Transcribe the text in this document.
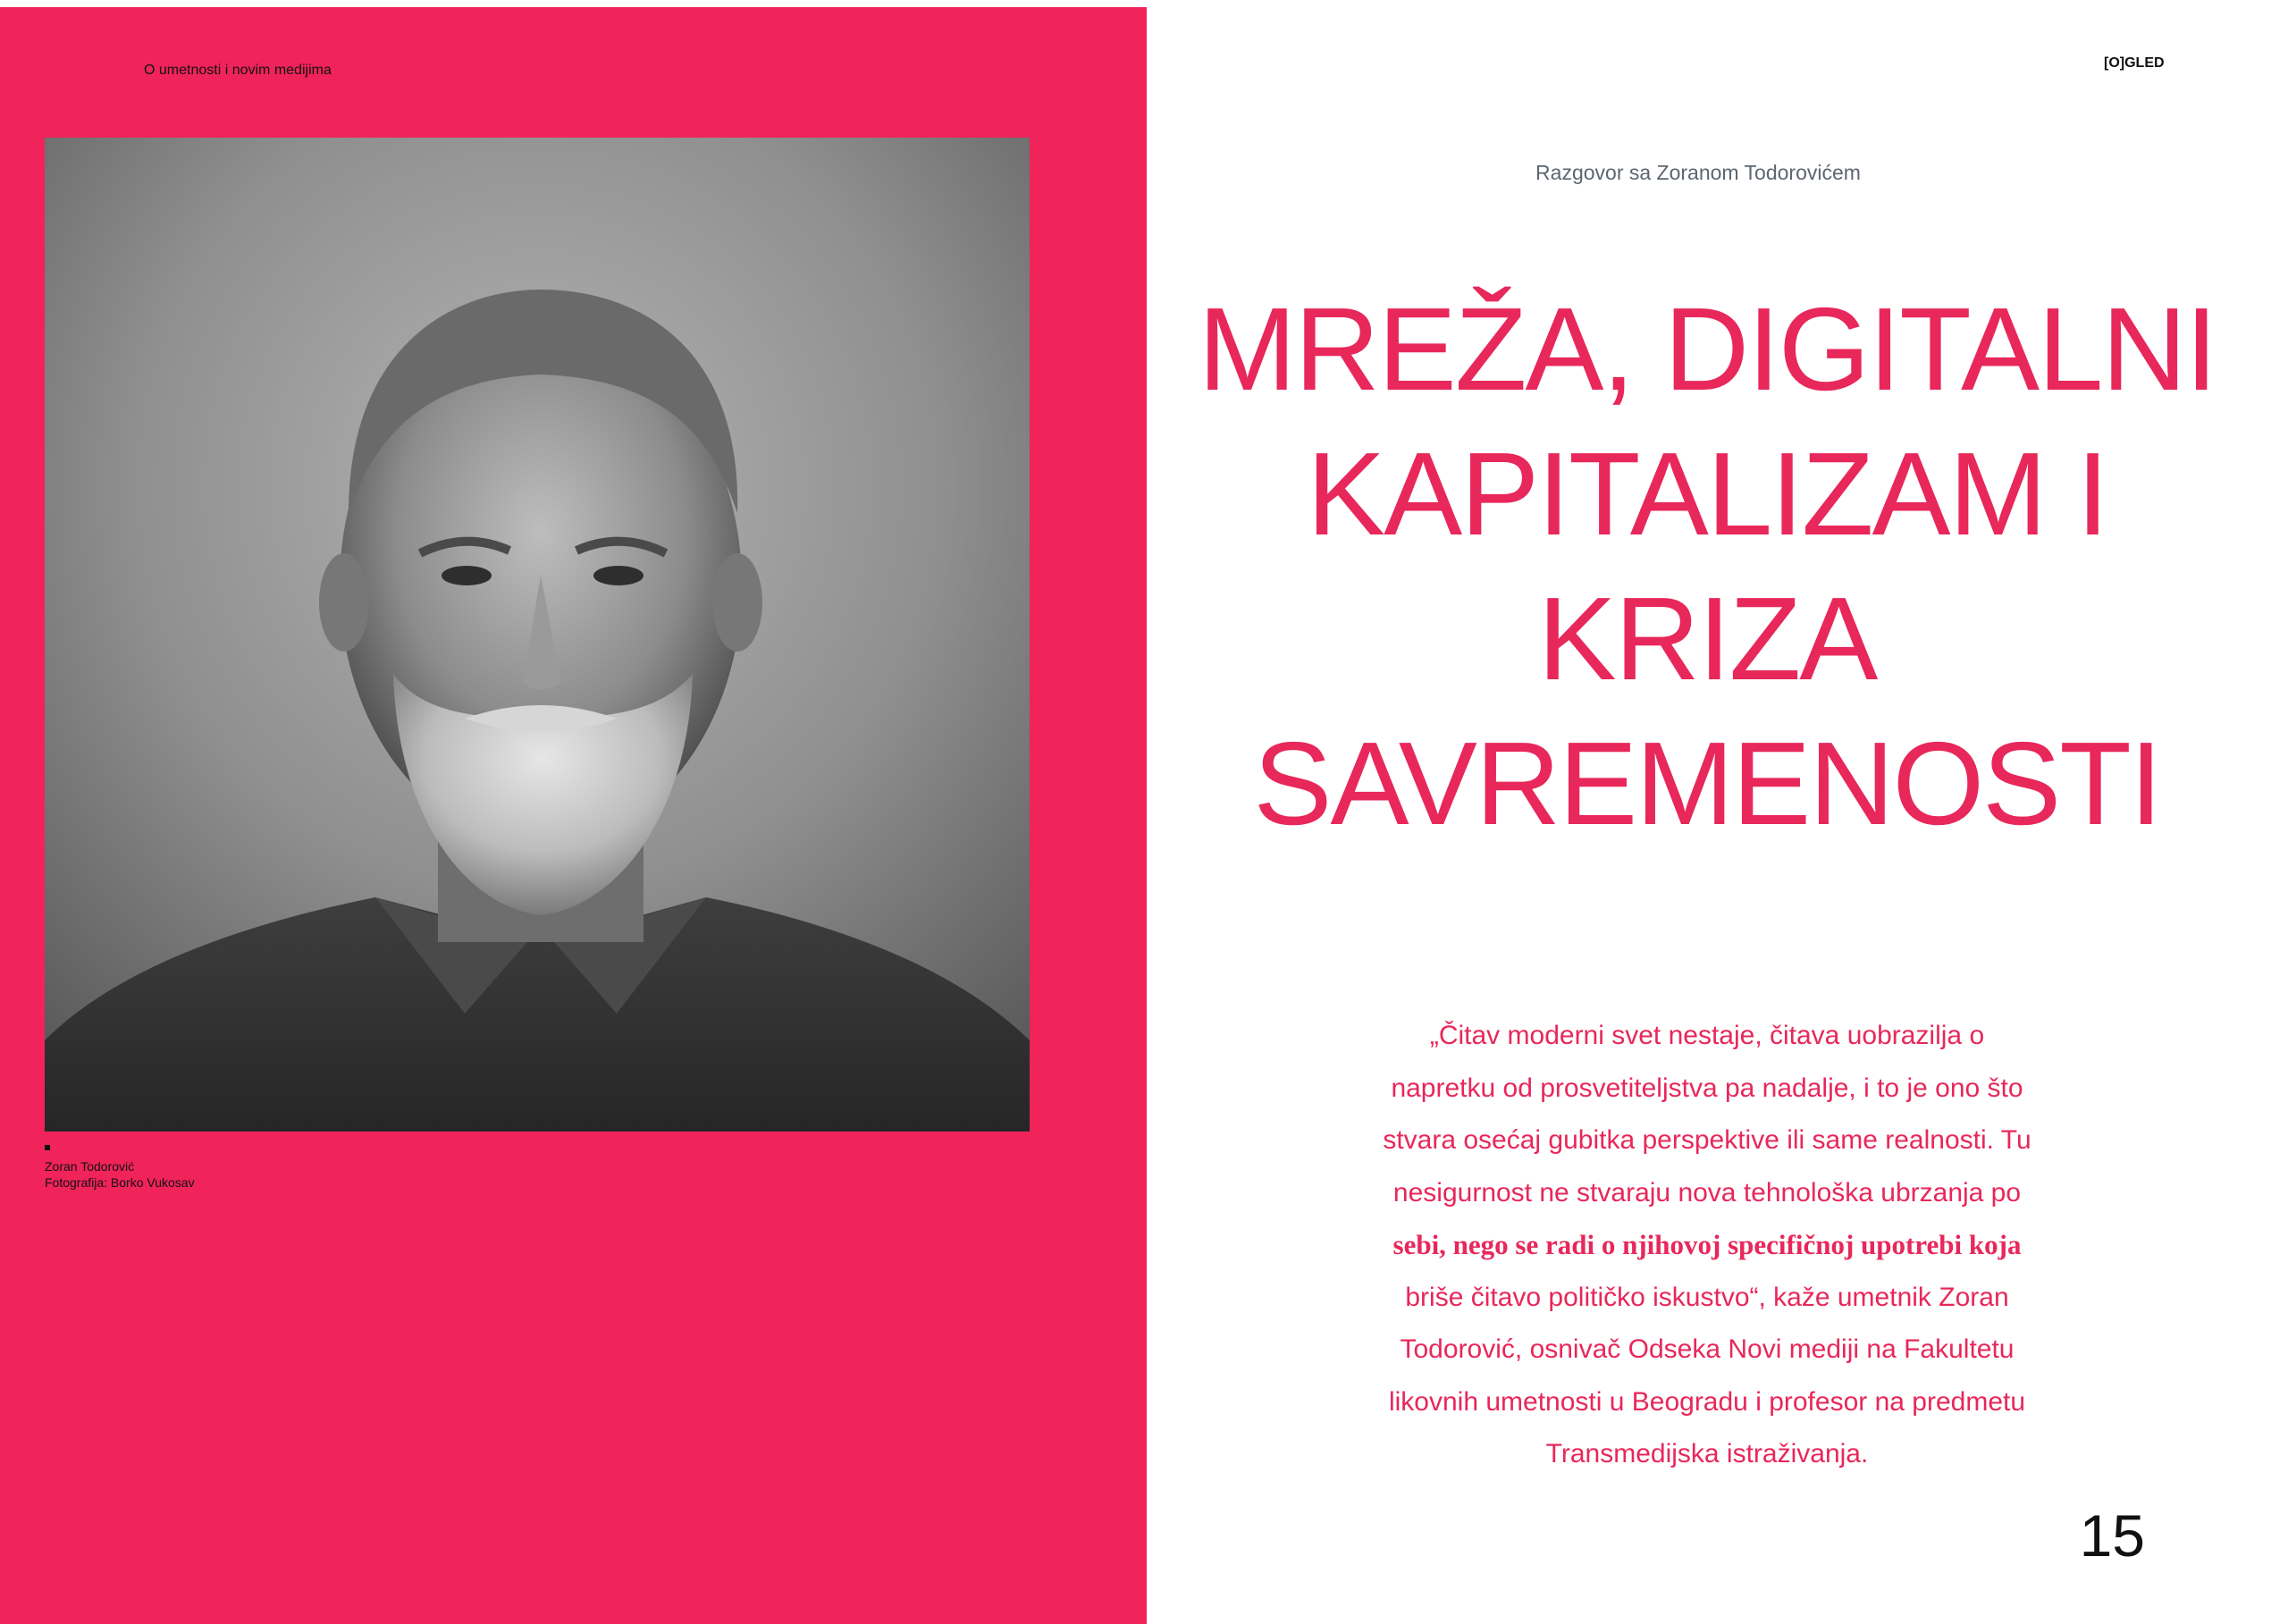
O umetnosti i novim medijima
Zoran Todorović
Fotografija: Borko Vukosav
[O]GLED
Razgovor sa Zoranom Todorovićem
MREŽA, DIGITALNI
KAPITALIZAM I
KRIZA
SAVREMENOSTI
„Čitav moderni svet nestaje, čitava uobrazilja o
napretku od prosvetiteljstva pa nadalje, i to je ono što
stvara osećaj gubitka perspektive ili same realnosti. Tu
nesigurnost ne stvaraju nova tehnološka ubrzanja po
sebi, nego se radi o njihovoj specifičnoj upotrebi koja
briše čitavo političko iskustvo“, kaže umetnik Zoran
Todorović, osnivač Odseka Novi mediji na Fakultetu
likovnih umetnosti u Beogradu i profesor na predmetu
Transmedijska istraživanja.
15
